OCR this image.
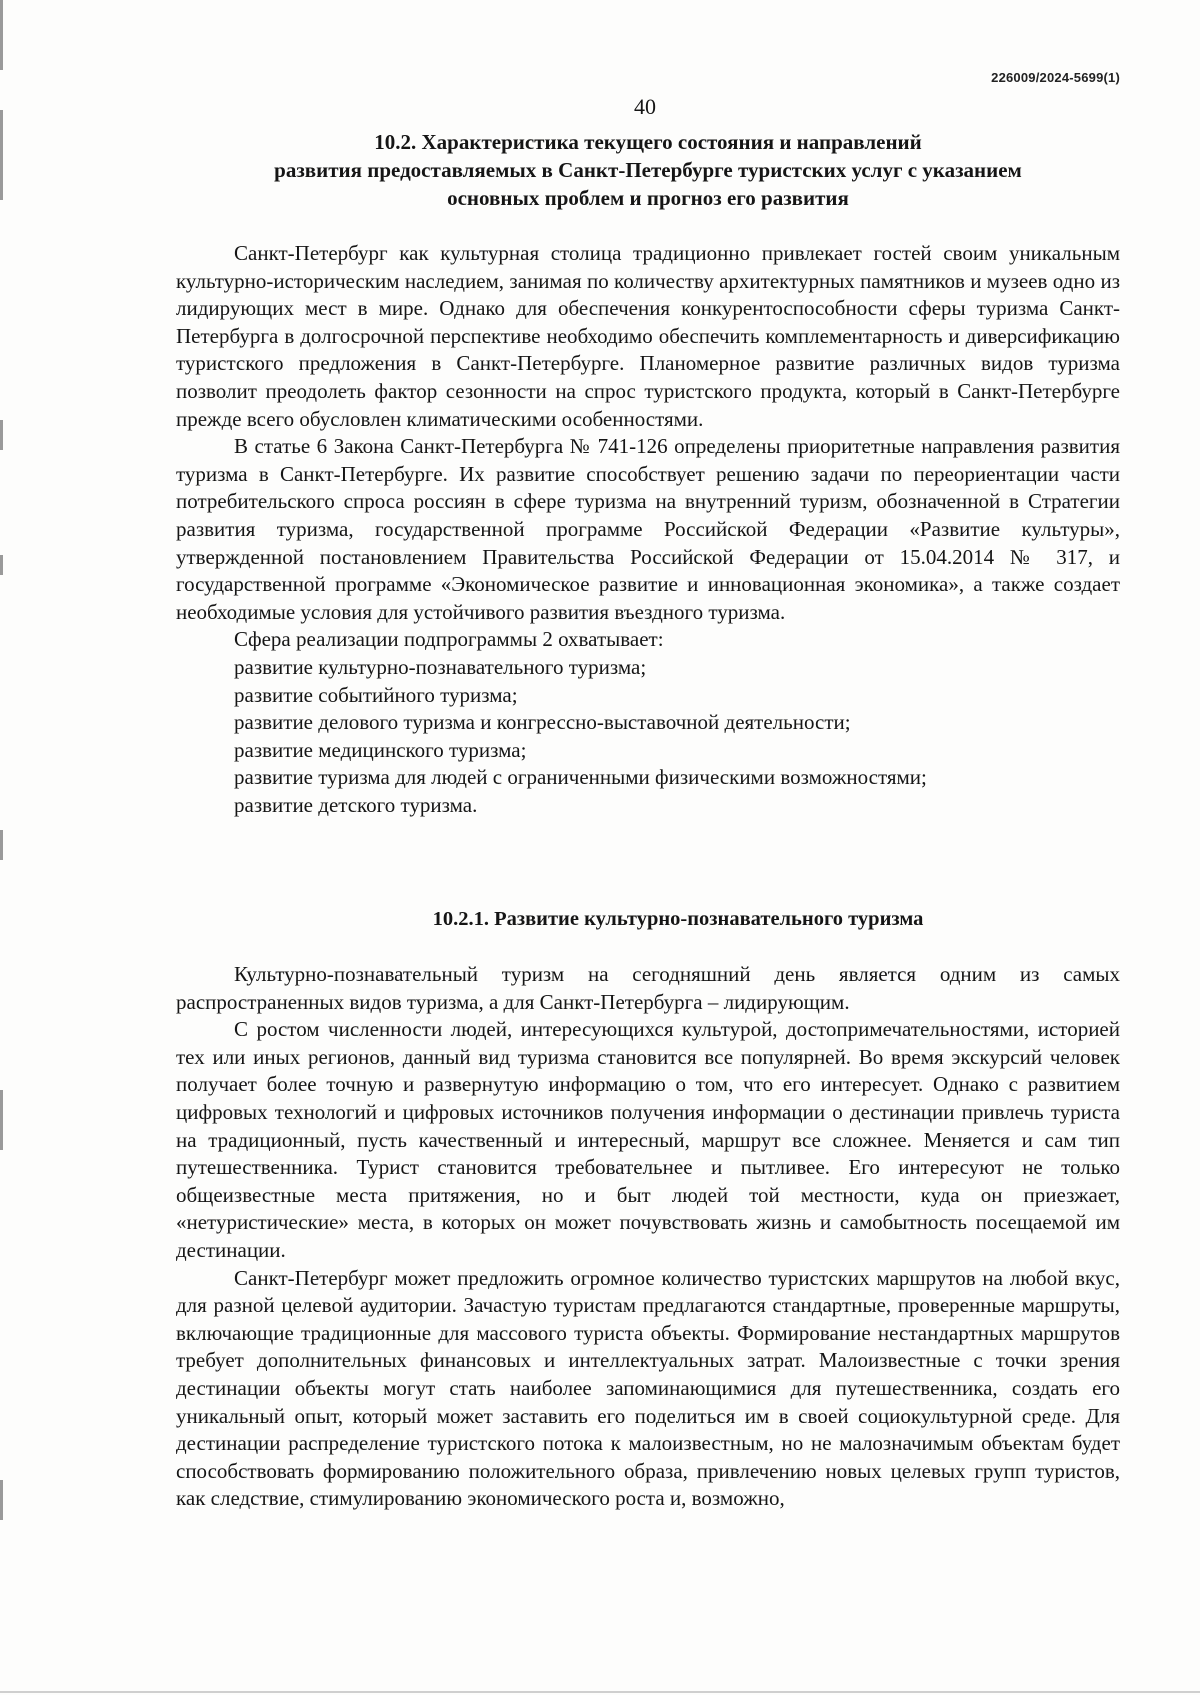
226009/2024-5699(1)
40
10.2. Характеристика текущего состояния и направлений
развития предоставляемых в Санкт-Петербурге туристских услуг с указанием
основных проблем и прогноз его развития

Санкт-Петербург как культурная столица традиционно привлекает гостей своим уникальным культурно-историческим наследием, занимая по количеству архитектурных памятников и музеев одно из лидирующих мест в мире. Однако для обеспечения конкурентоспособности сферы туризма Санкт-Петербурга в долгосрочной перспективе необходимо обеспечить комплементарность и диверсификацию туристского предложения в Санкт-Петербурге. Планомерное развитие различных видов туризма позволит преодолеть фактор сезонности на спрос туристского продукта, который в Санкт-Петербурге прежде всего обусловлен климатическими особенностями.

В статье 6 Закона Санкт-Петербурга № 741-126 определены приоритетные направления развития туризма в Санкт-Петербурге. Их развитие способствует решению задачи по переориентации части потребительского спроса россиян в сфере туризма на внутренний туризм, обозначенной в Стратегии развития туризма, государственной программе Российской Федерации «Развитие культуры», утвержденной постановлением Правительства Российской Федерации от 15.04.2014 № 317, и государственной программе «Экономическое развитие и инновационная экономика», а также создает необходимые условия для устойчивого развития въездного туризма.

Сфера реализации подпрограммы 2 охватывает:

развитие культурно-познавательного туризма;
развитие событийного туризма;
развитие делового туризма и конгрессно-выставочной деятельности;
развитие медицинского туризма;
развитие туризма для людей с ограниченными физическими возможностями;
развитие детского туризма.

10.2.1. Развитие культурно-познавательного туризма

Культурно-познавательный туризм на сегодняшний день является одним из самых распространенных видов туризма, а для Санкт-Петербурга – лидирующим.

С ростом численности людей, интересующихся культурой, достопримечательностями, историей тех или иных регионов, данный вид туризма становится все популярней. Во время экскурсий человек получает более точную и развернутую информацию о том, что его интересует. Однако с развитием цифровых технологий и цифровых источников получения информации о дестинации привлечь туриста на традиционный, пусть качественный и интересный, маршрут все сложнее. Меняется и сам тип путешественника. Турист становится требовательнее и пытливее. Его интересуют не только общеизвестные места притяжения, но и быт людей той местности, куда он приезжает, «нетуристические» места, в которых он может почувствовать жизнь и самобытность посещаемой им дестинации.

Санкт-Петербург может предложить огромное количество туристских маршрутов на любой вкус, для разной целевой аудитории. Зачастую туристам предлагаются стандартные, проверенные маршруты, включающие традиционные для массового туриста объекты. Формирование нестандартных маршрутов требует дополнительных финансовых и интеллектуальных затрат. Малоизвестные с точки зрения дестинации объекты могут стать наиболее запоминающимися для путешественника, создать его уникальный опыт, который может заставить его поделиться им в своей социокультурной среде. Для дестинации распределение туристского потока к малоизвестным, но не малозначимым объектам будет способствовать формированию положительного образа, привлечению новых целевых групп туристов, как следствие, стимулированию экономического роста и, возможно,
